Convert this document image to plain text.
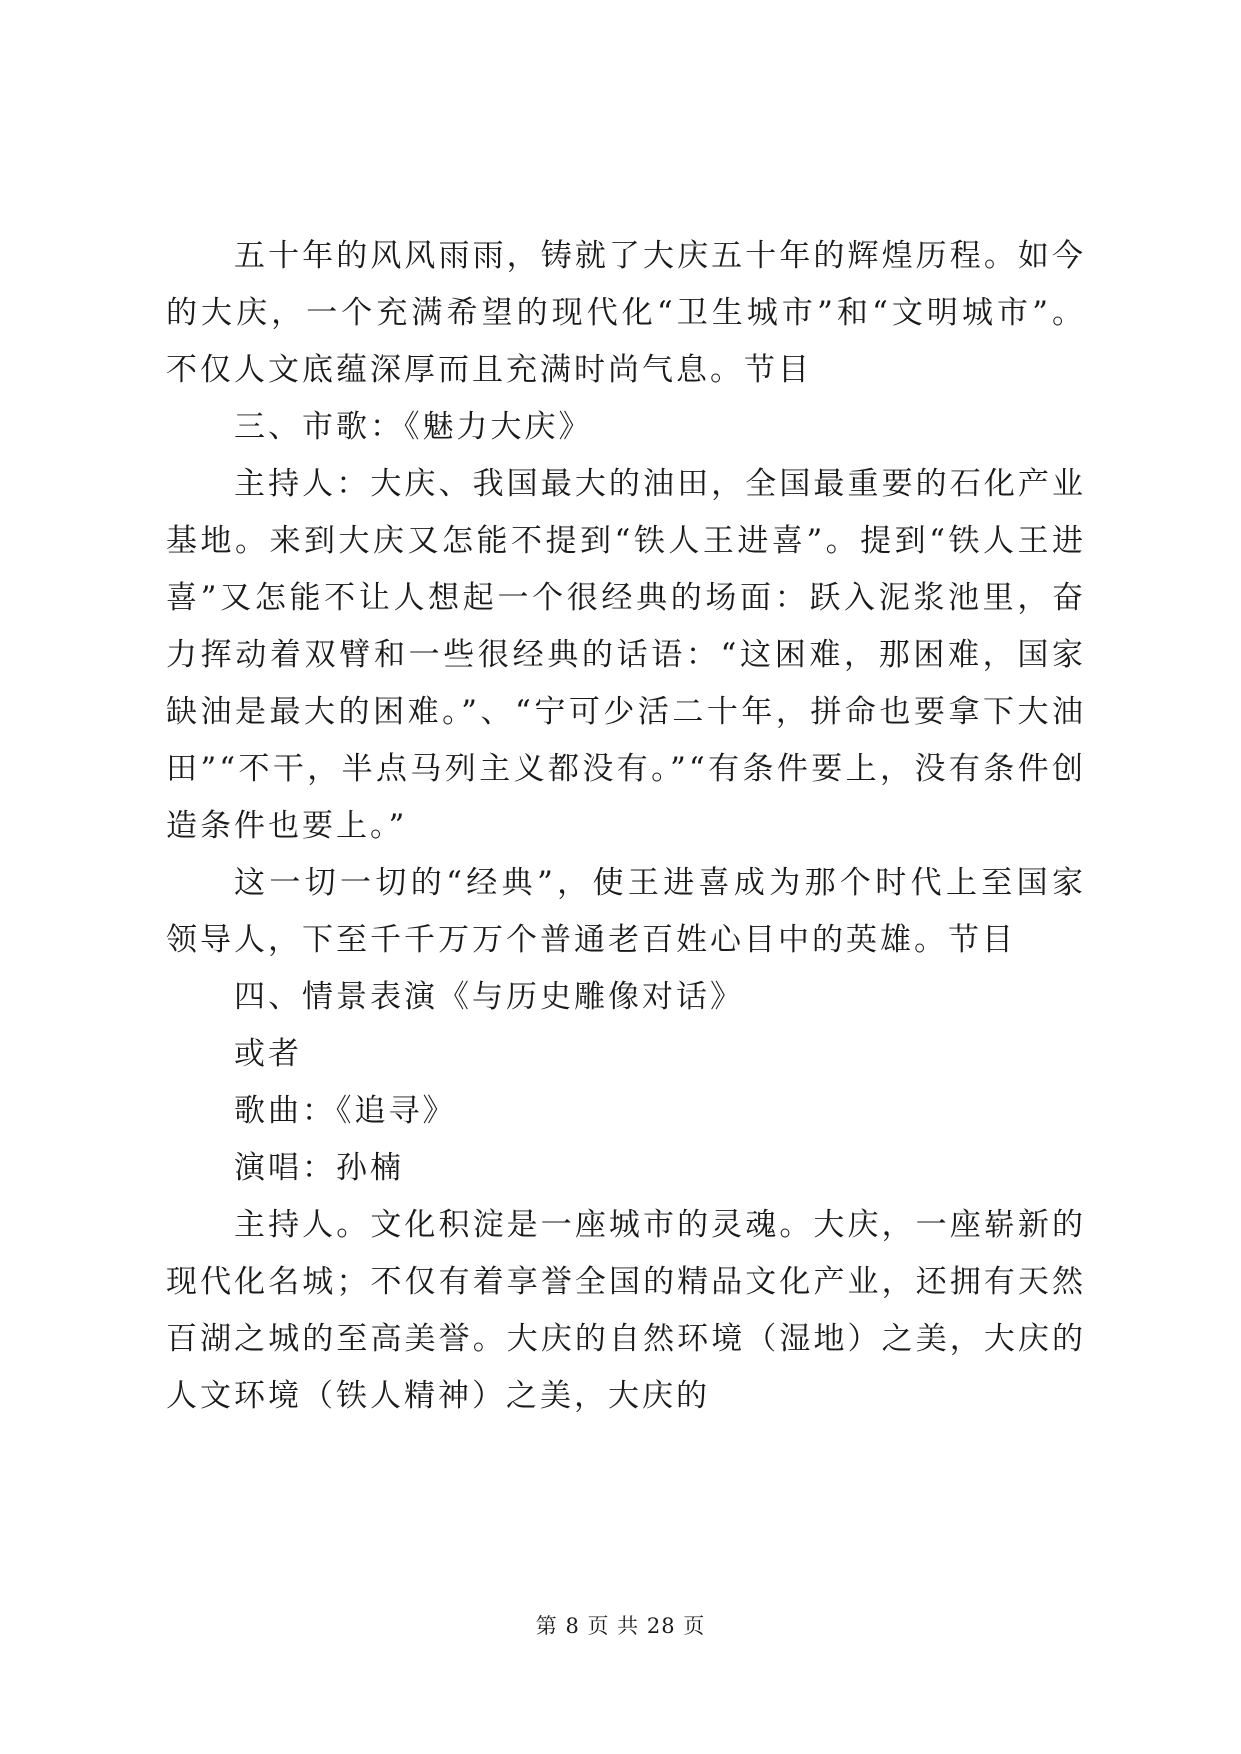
五十年的风风雨雨，铸就了大庆五十年的辉煌历程。如今的大庆，一个充满希望的现代化“卫生城市”和“文明城市”。不仅人文底蕴深厚而且充满时尚气息。节目

三、市歌：《魅力大庆》

主持人：大庆、我国最大的油田，全国最重要的石化产业基地。来到大庆又怎能不提到“铁人王进喜”。提到“铁人王进喜”又怎能不让人想起一个很经典的场面：跃入泥浆池里，奋力挥动着双臂和一些很经典的话语：“这困难，那困难，国家缺油是最大的困难。”、“宁可少活二十年，拼命也要拿下大油田”“不干，半点马列主义都没有。”“有条件要上，没有条件创造条件也要上。”

这一切一切的“经典”，使王进喜成为那个时代上至国家领导人，下至千千万万个普通老百姓心目中的英雄。节目

四、情景表演《与历史雕像对话》

或者

歌曲：《追寻》

演唱：孙楠

主持人。文化积淀是一座城市的灵魂。大庆，一座崭新的现代化名城；不仅有着享誉全国的精品文化产业，还拥有天然百湖之城的至高美誉。大庆的自然环境（湿地）之美，大庆的人文环境（铁人精神）之美，大庆的

第 8 页 共 28 页
